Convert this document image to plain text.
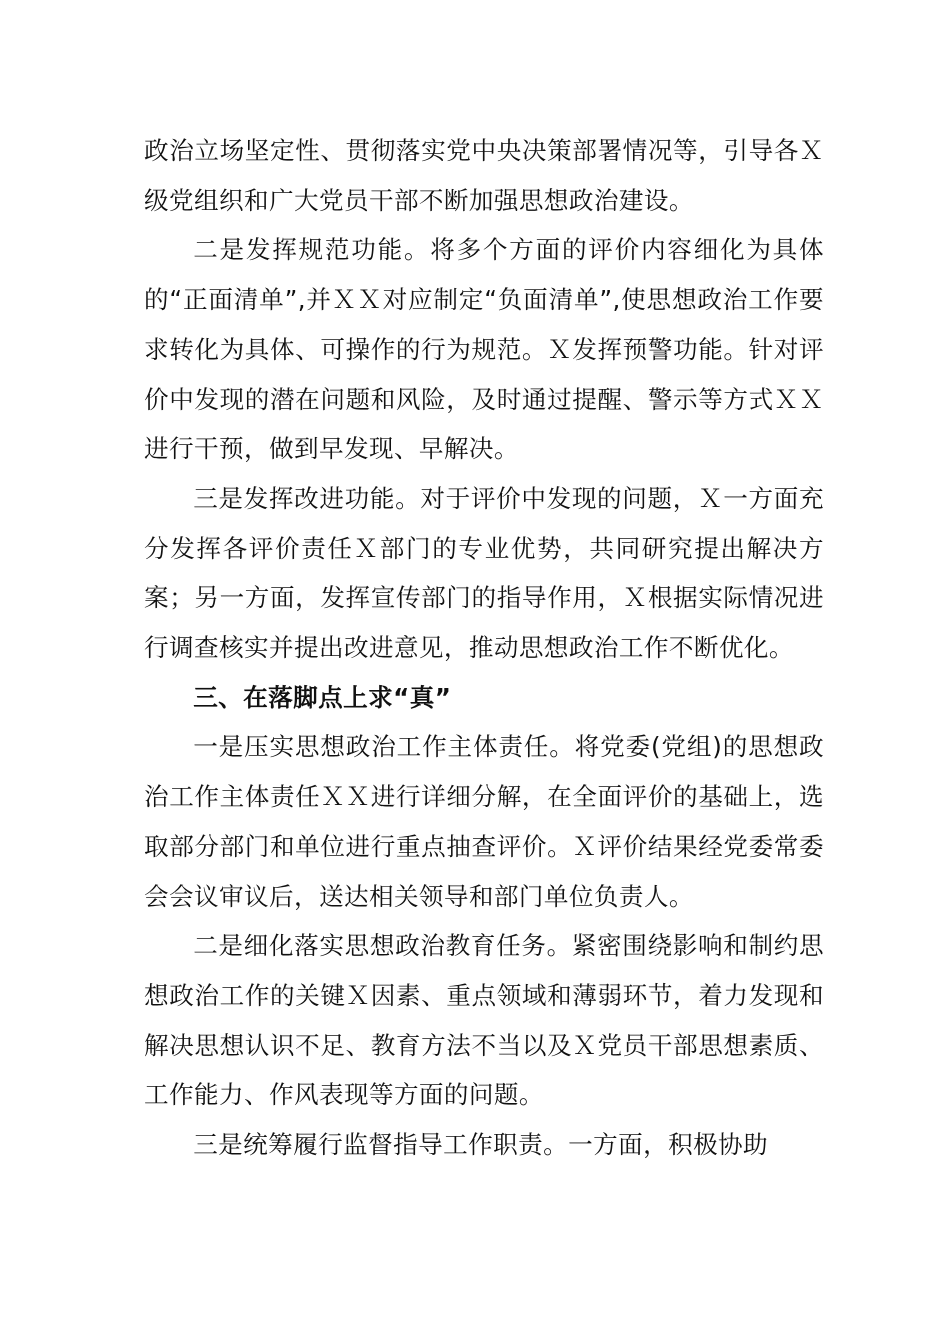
政治立场坚定性、贯彻落实党中央决策部署情况等，引导各Ｘ级党组织和广大党员干部不断加强思想政治建设。

二是发挥规范功能。将多个方面的评价内容细化为具体的“正面清单”,并ＸＸ对应制定“负面清单”,使思想政治工作要求转化为具体、可操作的行为规范。Ｘ发挥预警功能。针对评价中发现的潜在问题和风险，及时通过提醒、警示等方式ＸＸ进行干预，做到早发现、早解决。

三是发挥改进功能。对于评价中发现的问题，Ｘ一方面充分发挥各评价责任Ｘ部门的专业优势，共同研究提出解决方案；另一方面，发挥宣传部门的指导作用，Ｘ根据实际情况进行调查核实并提出改进意见，推动思想政治工作不断优化。

三、在落脚点上求“真”

一是压实思想政治工作主体责任。将党委(党组)的思想政治工作主体责任ＸＸ进行详细分解，在全面评价的基础上，选取部分部门和单位进行重点抽查评价。Ｘ评价结果经党委常委会会议审议后，送达相关领导和部门单位负责人。

二是细化落实思想政治教育任务。紧密围绕影响和制约思想政治工作的关键Ｘ因素、重点领域和薄弱环节，着力发现和解决思想认识不足、教育方法不当以及Ｘ党员干部思想素质、工作能力、作风表现等方面的问题。

三是统筹履行监督指导工作职责。一方面，积极协助
